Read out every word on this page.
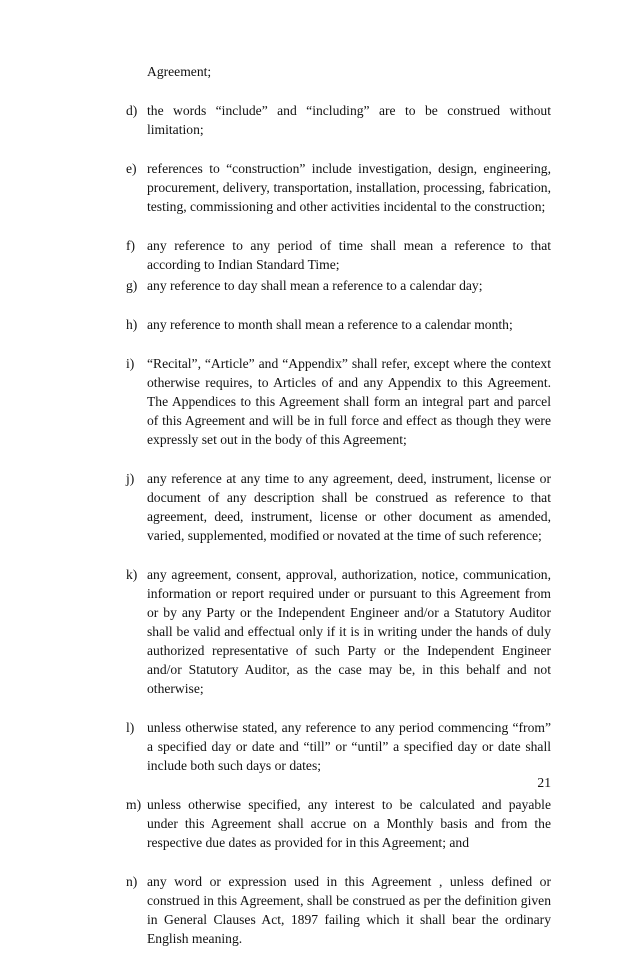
Agreement;

d) the words “include” and “including” are to be construed without limitation;
e) references to “construction” include investigation, design, engineering, procurement, delivery, transportation, installation, processing, fabrication, testing, commissioning and other activities incidental to the construction;
f) any reference to any period of time shall mean a reference to that according to Indian Standard Time;
g) any reference to day shall mean a reference to a calendar day;
h) any reference to month shall mean a reference to a calendar month;
i) “Recital”, “Article” and “Appendix” shall refer, except where the context otherwise requires, to Articles of and any Appendix to this Agreement. The Appendices to this Agreement shall form an integral part and parcel of this Agreement and will be in full force and effect as though they were expressly set out in the body of this Agreement;
j) any reference at any time to any agreement, deed, instrument, license or document of any description shall be construed as reference to that agreement, deed, instrument, license or other document as amended, varied, supplemented, modified or novated at the time of such reference;
k) any agreement, consent, approval, authorization, notice, communication, information or report required under or pursuant to this Agreement from or by any Party or the Independent Engineer and/or a Statutory Auditor shall be valid and effectual only if it is in writing under the hands of duly authorized representative of such Party or the Independent Engineer and/or Statutory Auditor, as the case may be, in this behalf and not otherwise;
l) unless otherwise stated, any reference to any period commencing “from” a specified day or date and “till” or “until” a specified day or date shall include both such days or dates;
m) unless otherwise specified, any interest to be calculated and payable under this Agreement shall accrue on a Monthly basis and from the respective due dates as provided for in this Agreement; and
n) any word or expression used in this Agreement , unless defined or construed in this Agreement, shall be construed as per the definition given in General Clauses Act, 1897 failing which it shall bear the ordinary English meaning.
21
